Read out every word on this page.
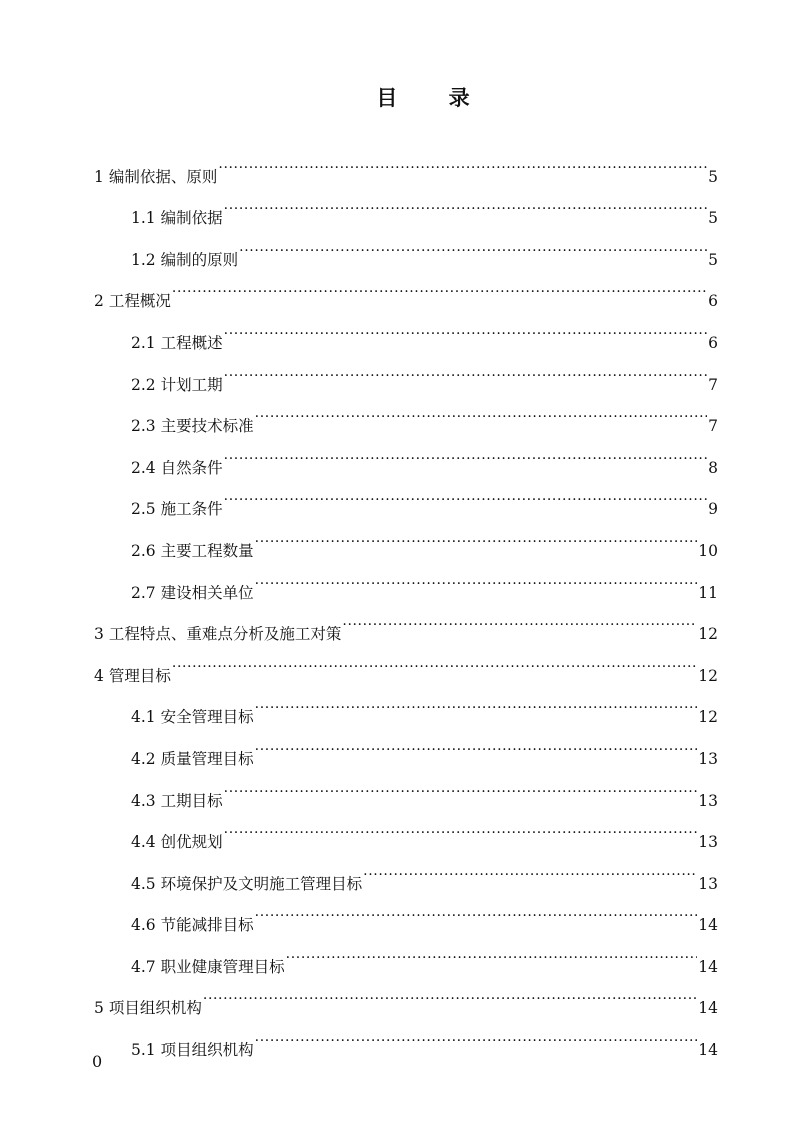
目 录
1 编制依据、原则 .....	5
1.1 编制依据 .....	5
1.2 编制的原则 .....	5
2 工程概况 .....	6
2.1 工程概述 .....	6
2.2 计划工期 .....	7
2.3 主要技术标准 .....	7
2.4 自然条件 .....	8
2.5 施工条件 .....	9
2.6 主要工程数量 .....	10
2.7 建设相关单位 .....	11
3 工程特点、重难点分析及施工对策 .....	12
4 管理目标 .....	12
4.1 安全管理目标 .....	12
4.2 质量管理目标 .....	13
4.3 工期目标 .....	13
4.4 创优规划 .....	13
4.5 环境保护及文明施工管理目标 .....	13
4.6 节能减排目标 .....	14
4.7 职业健康管理目标 .....	14
5 项目组织机构 .....	14
5.1 项目组织机构 .....	14
0
